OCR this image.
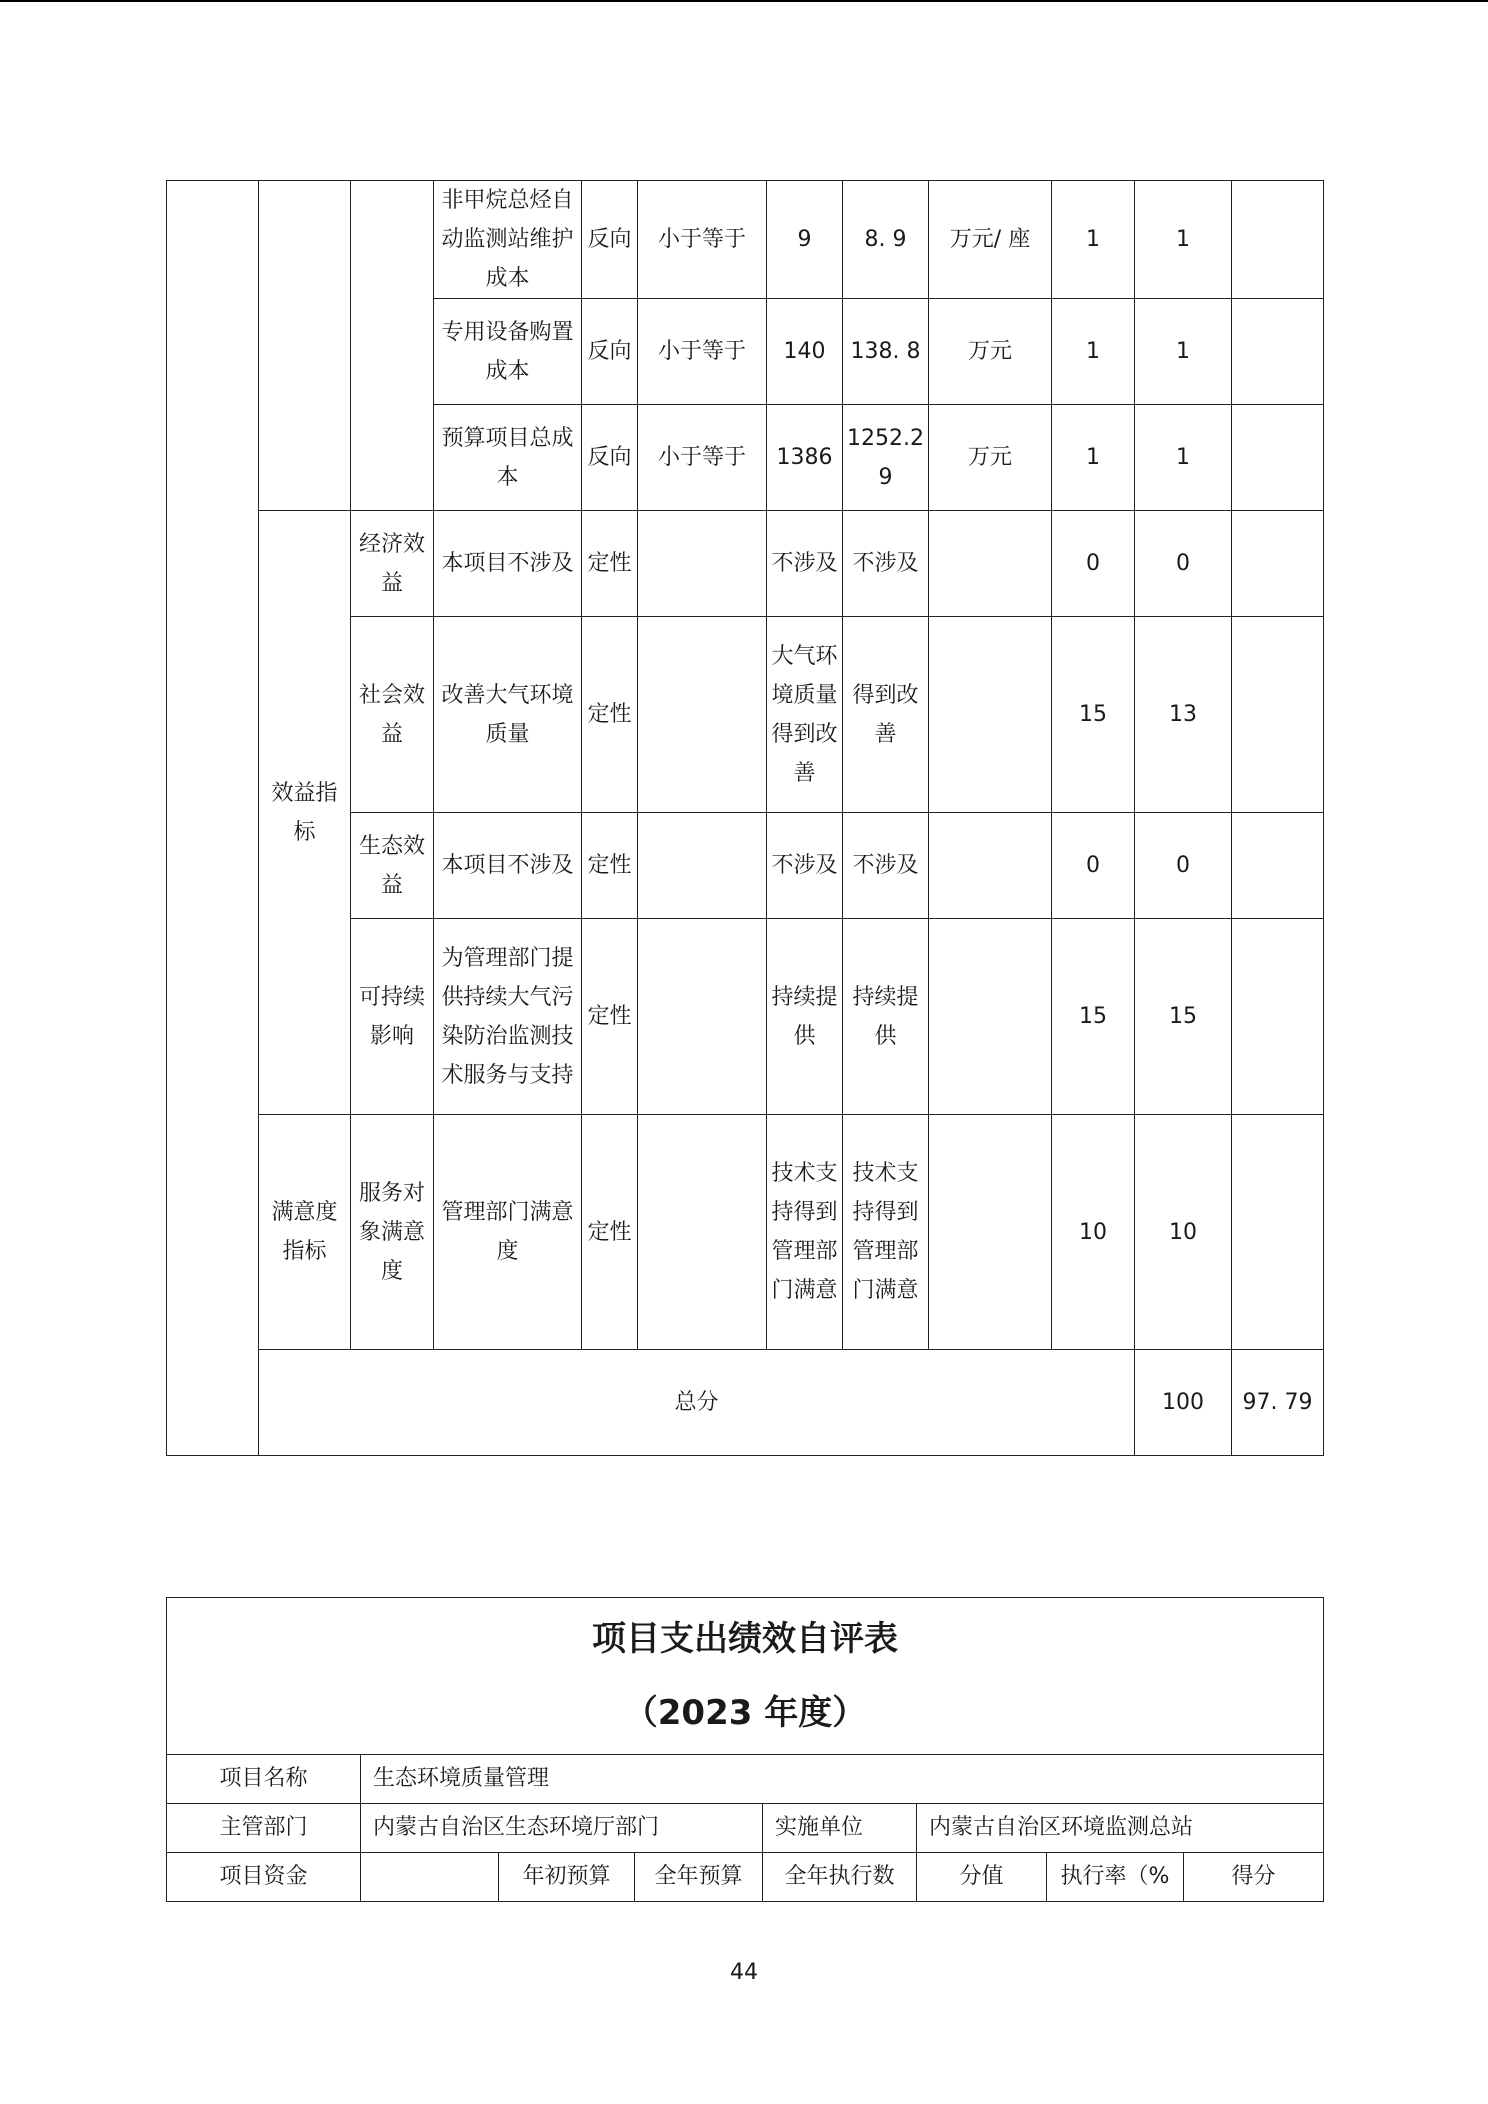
			非甲烷总烃自动监测站维护成本	反向	小于等于	9	8. 9	万元/ 座	1	1		
			专用设备购置成本	反向	小于等于	140	138. 8	万元	1	1		
			预算项目总成本	反向	小于等于	1386	1252.29	万元	1	1		
	效益指标	经济效益	本项目不涉及	定性		不涉及	不涉及		0	0		
		社会效益	改善大气环境质量	定性		大气环境质量得到改善	得到改善		15	13		
		生态效益	本项目不涉及	定性		不涉及	不涉及		0	0		
		可持续影响	为管理部门提供持续大气污染防治监测技术服务与支持	定性		持续提供	持续提供		15	15		
	满意度指标	服务对象满意度	管理部门满意度	定性		技术支持得到管理部门满意	技术支持得到管理部门满意		10	10		
	总分									100	97. 79	
项目支出绩效自评表
（2023 年度）							

项目名称	生态环境质量管理						
主管部门	内蒙古自治区生态环境厅部门			实施单位	内蒙古自治区环境监测总站		
项目资金		年初预算	全年预算	全年执行数	分值	执行率（%	得分
44
